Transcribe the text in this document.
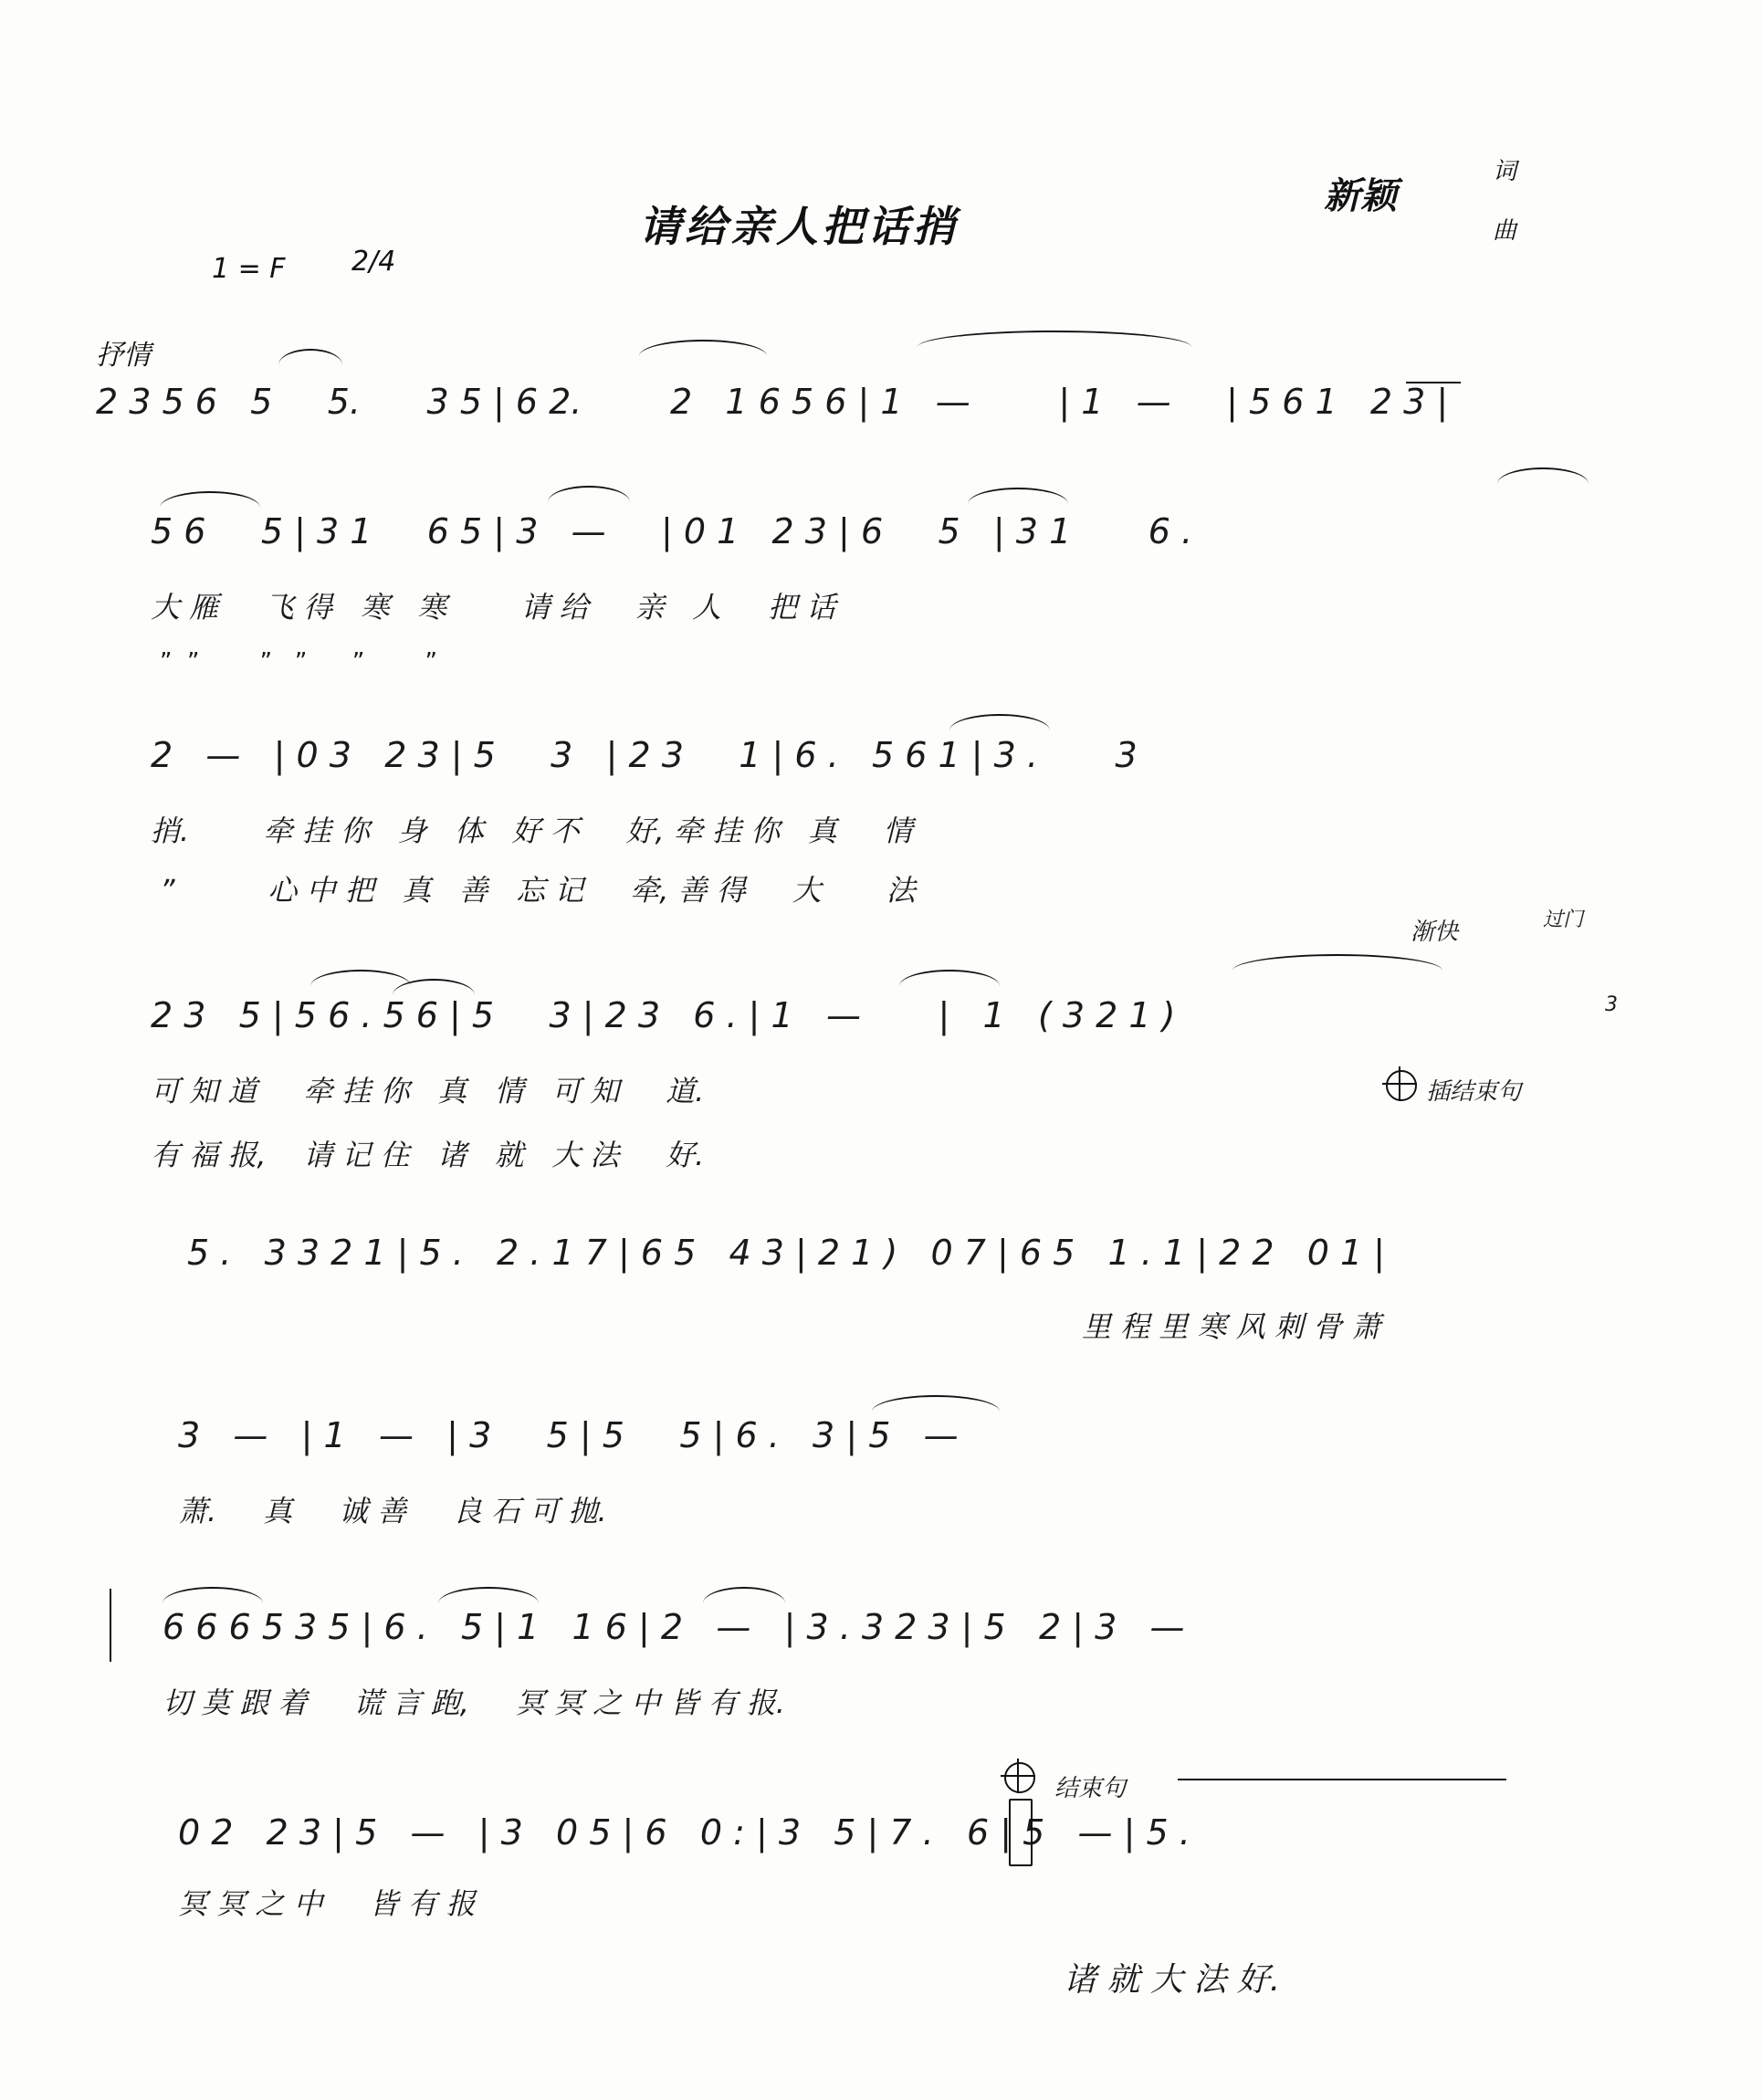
请给亲人把话捎
新颖
词
曲
1 = F 2/4
抒情
2 3 5 6   5     5.      3 5 | 6 2.        2   1 6 5 6 | 1   —        | 1   —     | 5 6 1   2 3 |
5 6     5 | 3 1     6 5 | 3   —     | 0 1   2 3 | 6     5   | 3 1       6 .
大 雁     飞 得   寒   寒        请 给     亲   人     把 话
”  ”        ”   ”      ”        ”
2   —   | 0 3   2 3 | 5     3   | 2 3     1 | 6 .   5 6 1 | 3 .       3
捎.        牵 挂 你   身   体   好 不     好, 牵 挂 你   真     情
”          心 中 把   真   善   忘 记     牵, 善 得     大       法
2 3   5 | 5 6 . 5 6 | 5     3 | 2 3   6 . | 1   —       |   1   ( 3 2 1 )
可 知 道     牵 挂 你   真   情   可 知     道.
有 福 报,    请 记 住   诸   就   大 法     好.
渐快	过门
3
插结束句
5 .   3 3 2 1 | 5 .   2 . 1 7 | 6 5   4 3 | 2 1 )   0 7 | 6 5   1 . 1 | 2 2   0 1 |
里 程 里 寒 风 刺 骨 萧
3   —   | 1   —   | 3     5 | 5     5 | 6 .   3 | 5   —
萧.     真     诚 善     良 石 可 抛.
6 6 6 5 3 5 | 6 .   5 | 1   1 6 | 2   —   | 3 . 3 2 3 | 5   2 | 3   —
切 莫 跟 着     谎 言 跑,     冥 冥 之 中 皆 有 报.
结束句
0 2   2 3 | 5   —   | 3   0 5 | 6   0 : | 3   5 | 7 .   6 | 5   — | 5 .
冥 冥 之 中     皆 有 报
诸 就 大 法 好.
